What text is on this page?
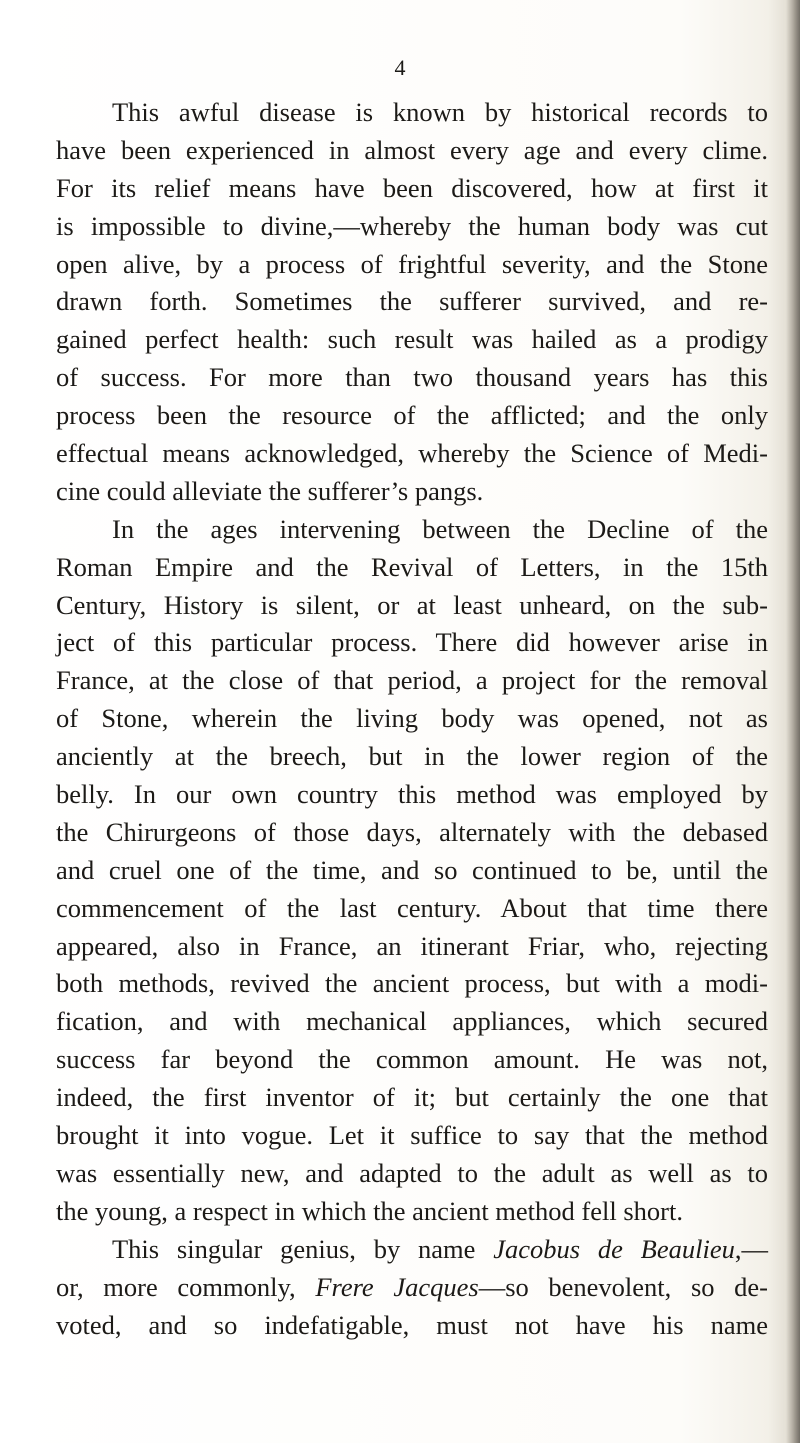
4
This awful disease is known by historical records to
have been experienced in almost every age and every clime.
For its relief means have been discovered, how at first it
is impossible to divine,—whereby the human body was cut
open alive, by a process of frightful severity, and the Stone
drawn forth. Sometimes the sufferer survived, and re-
gained perfect health: such result was hailed as a prodigy
of success. For more than two thousand years has this
process been the resource of the afflicted; and the only
effectual means acknowledged, whereby the Science of Medi-
cine could alleviate the sufferer’s pangs.
In the ages intervening between the Decline of the
Roman Empire and the Revival of Letters, in the 15th
Century, History is silent, or at least unheard, on the sub-
ject of this particular process. There did however arise in
France, at the close of that period, a project for the removal
of Stone, wherein the living body was opened, not as
anciently at the breech, but in the lower region of the
belly. In our own country this method was employed by
the Chirurgeons of those days, alternately with the debased
and cruel one of the time, and so continued to be, until the
commencement of the last century. About that time there
appeared, also in France, an itinerant Friar, who, rejecting
both methods, revived the ancient process, but with a modi-
fication, and with mechanical appliances, which secured
success far beyond the common amount. He was not,
indeed, the first inventor of it; but certainly the one that
brought it into vogue. Let it suffice to say that the method
was essentially new, and adapted to the adult as well as to
the young, a respect in which the ancient method fell short.
This singular genius, by name Jacobus de Beaulieu,—
or, more commonly, Frere Jacques—so benevolent, so de-
voted, and so indefatigable, must not have his name
